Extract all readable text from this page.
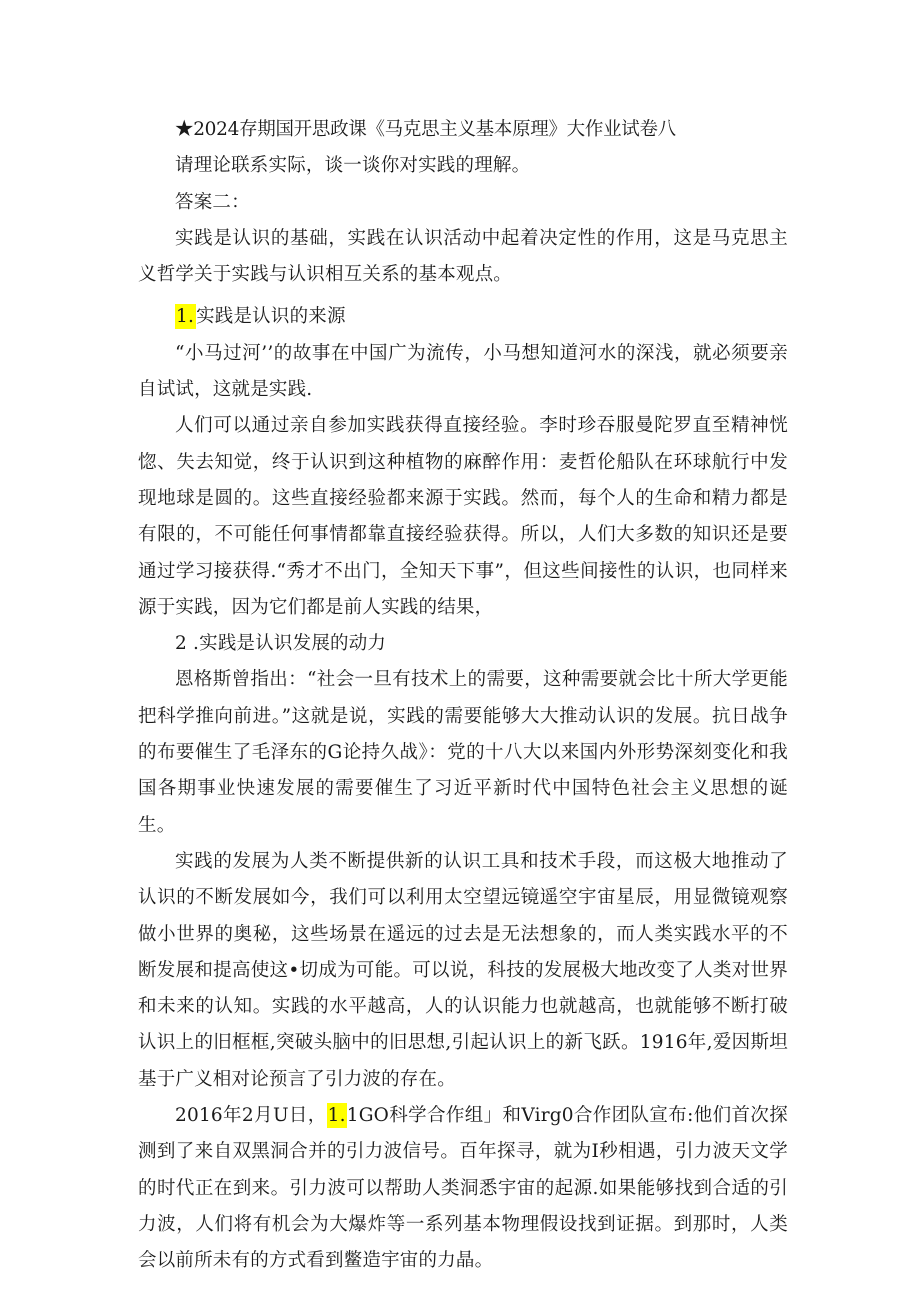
★2024存期国开思政课《马克思主义基本原理》大作业试卷八

请理论联系实际，谈一谈你对实践的理解。

答案二：

实践是认识的基础，实践在认识活动中起着决定性的作用，这是马克思主义哲学关于实践与认识相互关系的基本观点。

1. 实践是认识的来源

“小马过河’’的故事在中国广为流传，小马想知道河水的深浅，就必须要亲自试试，这就是实践.

人们可以通过亲自参加实践获得直接经验。李时珍吞服曼陀罗直至精神恍惚、失去知觉，终于认识到这种植物的麻醉作用：麦哲伦船队在环球航行中发现地球是圆的。这些直接经验都来源于实践。然而，每个人的生命和精力都是有限的，不可能任何事情都靠直接经验获得。所以，人们大多数的知识还是要通过学习接获得.“秀才不出门，全知天下事”，但这些间接性的认识，也同样来源于实践，因为它们都是前人实践的结果，

2 .实践是认识发展的动力

恩格斯曾指出：“社会一旦有技术上的需要，这种需要就会比十所大学更能把科学推向前进。”这就是说，实践的需要能够大大推动认识的发展。抗日战争的布要催生了毛泽东的G论持久战》：党的十八大以来国内外形势深刻变化和我国各期事业快速发展的需要催生了习近平新时代中国特色社会主义思想的诞生。

实践的发展为人类不断提供新的认识工具和技术手段，而这极大地推动了认识的不断发展如今，我们可以利用太空望远镜遥空宇宙星辰，用显微镜观察做小世界的奥秘，这些场景在遥远的过去是无法想象的，而人类实践水平的不断发展和提高使这•切成为可能。可以说，科技的发展极大地改变了人类对世界和未来的认知。实践的水平越高，人的认识能力也就越高，也就能够不断打破认识上的旧框框,突破头脑中的旧思想,引起认识上的新飞跃。1916年,爱因斯坦基于广义相对论预言了引力波的存在。

2016年2月U日，1.1GO科学合作组」和Virg0合作团队宣布:他们首次探测到了来自双黑洞合并的引力波信号。百年探寻，就为I秒相遇，引力波天文学的时代正在到来。引力波可以帮助人类洞悉宇宙的起源.如果能够找到合适的引力波，人们将有机会为大爆炸等一系列基本物理假设找到证据。到那时，人类会以前所未有的方式看到鳖造宇宙的力晶。
